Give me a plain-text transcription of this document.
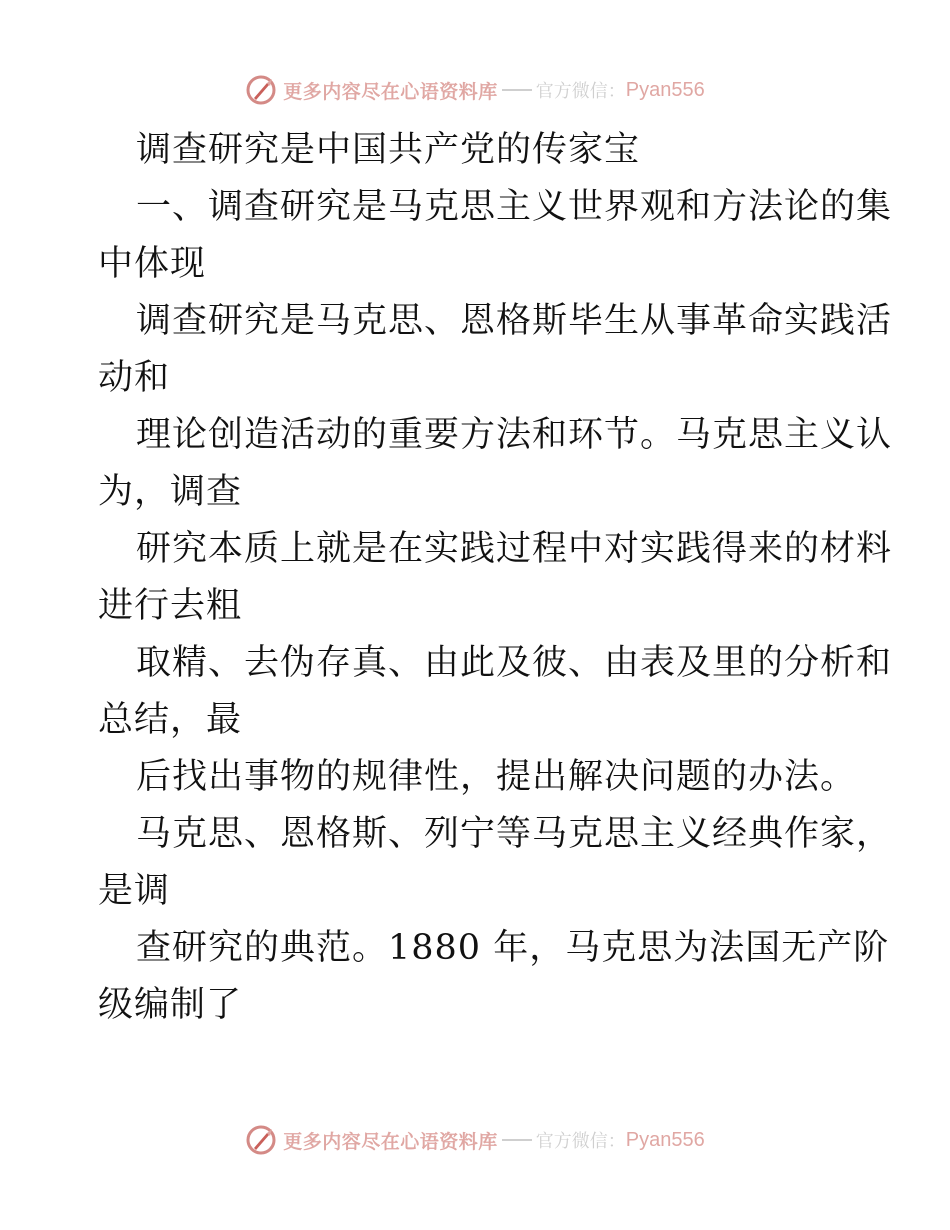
更多内容尽在心语资料库 官方微信： Pyan556
调查研究是中国共产党的传家宝
一、调查研究是马克思主义世界观和方法论的集
中体现
调查研究是马克思、恩格斯毕生从事革命实践活
动和
理论创造活动的重要方法和环节。马克思主义认
为，调查
研究本质上就是在实践过程中对实践得来的材料
进行去粗
取精、去伪存真、由此及彼、由表及里的分析和
总结，最
后找出事物的规律性，提出解决问题的办法。
马克思、恩格斯、列宁等马克思主义经典作家，
是调
查研究的典范。1880 年，马克思为法国无产阶
级编制了
更多内容尽在心语资料库 官方微信： Pyan556
